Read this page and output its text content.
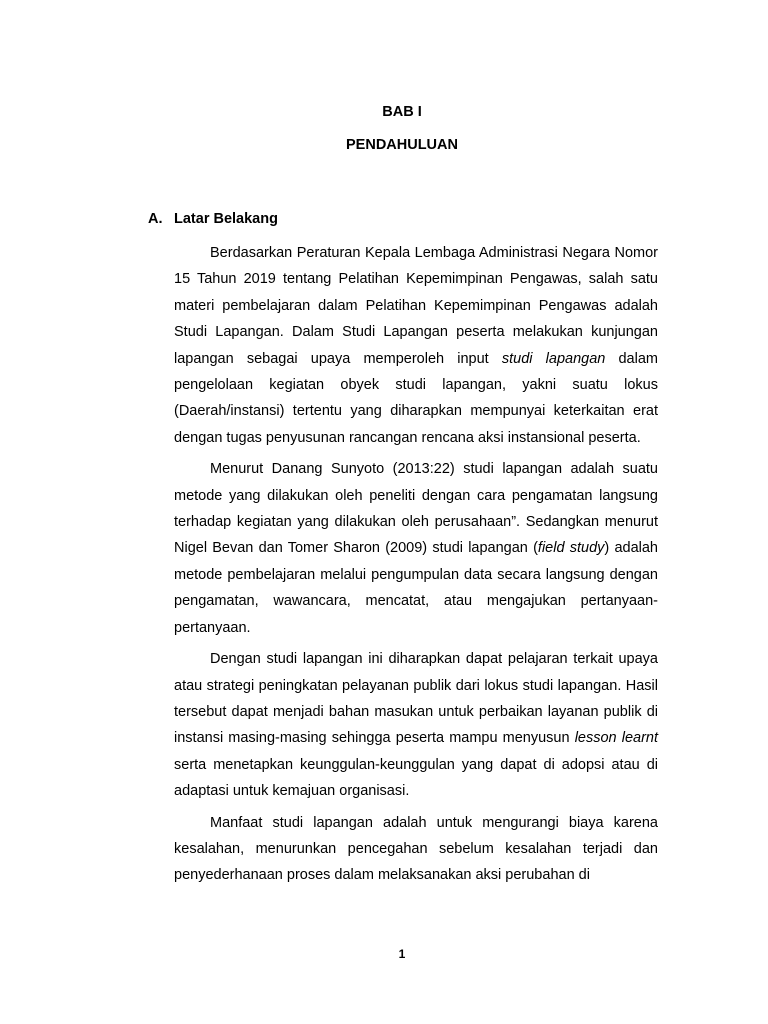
BAB I
PENDAHULUAN
A. Latar Belakang

Berdasarkan Peraturan Kepala Lembaga Administrasi Negara Nomor 15 Tahun 2019 tentang Pelatihan Kepemimpinan Pengawas, salah satu materi pembelajaran dalam Pelatihan Kepemimpinan Pengawas adalah Studi Lapangan. Dalam Studi Lapangan peserta melakukan kunjungan lapangan sebagai upaya memperoleh input studi lapangan dalam pengelolaan kegiatan obyek studi lapangan, yakni suatu lokus (Daerah/instansi) tertentu yang diharapkan mempunyai keterkaitan erat dengan tugas penyusunan rancangan rencana aksi instansional peserta.

Menurut Danang Sunyoto (2013:22) studi lapangan adalah suatu metode yang dilakukan oleh peneliti dengan cara pengamatan langsung terhadap kegiatan yang dilakukan oleh perusahaan”. Sedangkan menurut Nigel Bevan dan Tomer Sharon (2009) studi lapangan (field study) adalah metode pembelajaran melalui pengumpulan data secara langsung dengan pengamatan, wawancara, mencatat, atau mengajukan pertanyaan-pertanyaan.

Dengan studi lapangan ini diharapkan dapat pelajaran terkait upaya atau strategi peningkatan pelayanan publik dari lokus studi lapangan. Hasil tersebut dapat menjadi bahan masukan untuk perbaikan layanan publik di instansi masing-masing sehingga peserta mampu menyusun lesson learnt serta menetapkan keunggulan-keunggulan yang dapat di adopsi atau di adaptasi untuk kemajuan organisasi.

Manfaat studi lapangan adalah untuk mengurangi biaya karena kesalahan, menurunkan pencegahan sebelum kesalahan terjadi dan penyederhanaan proses dalam melaksanakan aksi perubahan di

1
